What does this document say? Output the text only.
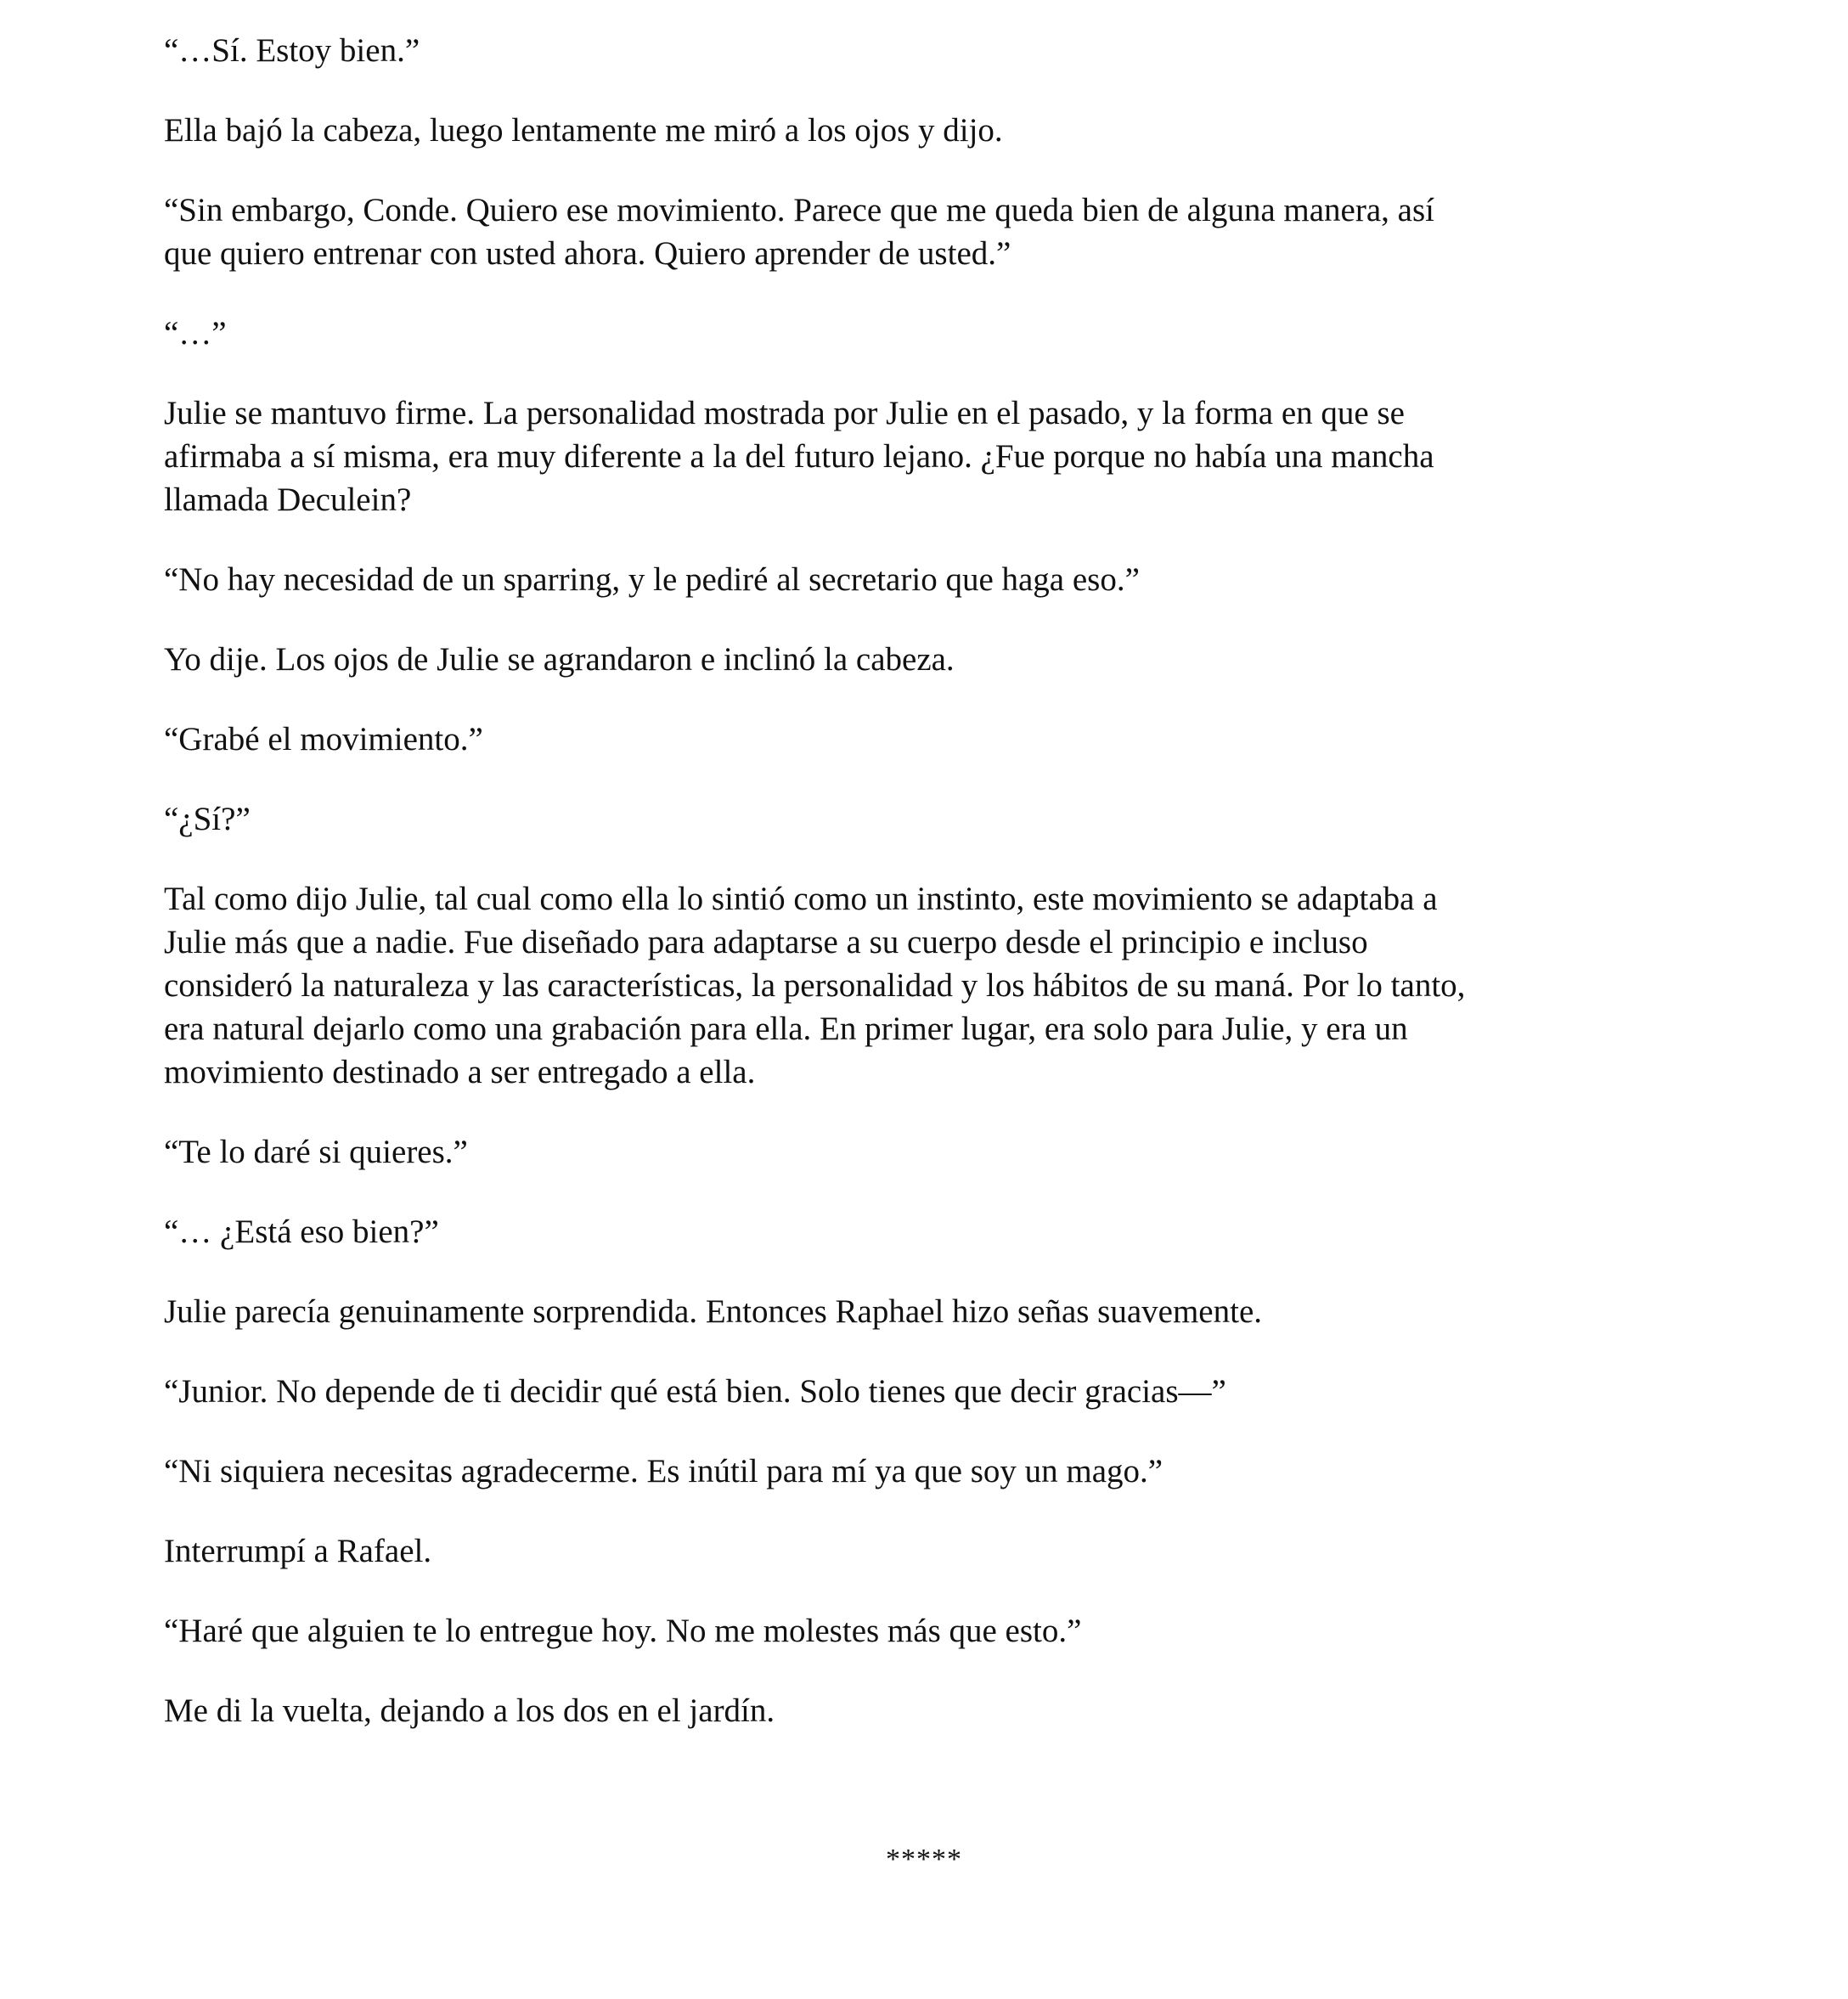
“…Sí. Estoy bien.”

Ella bajó la cabeza, luego lentamente me miró a los ojos y dijo.

“Sin embargo, Conde. Quiero ese movimiento. Parece que me queda bien de alguna manera, así
que quiero entrenar con usted ahora. Quiero aprender de usted.”

“…”

Julie se mantuvo firme. La personalidad mostrada por Julie en el pasado, y la forma en que se
afirmaba a sí misma, era muy diferente a la del futuro lejano. ¿Fue porque no había una mancha
llamada Deculein?

“No hay necesidad de un sparring, y le pediré al secretario que haga eso.”

Yo dije. Los ojos de Julie se agrandaron e inclinó la cabeza.

“Grabé el movimiento.”

“¿Sí?”

Tal como dijo Julie, tal cual como ella lo sintió como un instinto, este movimiento se adaptaba a
Julie más que a nadie. Fue diseñado para adaptarse a su cuerpo desde el principio e incluso
consideró la naturaleza y las características, la personalidad y los hábitos de su maná. Por lo tanto,
era natural dejarlo como una grabación para ella. En primer lugar, era solo para Julie, y era un
movimiento destinado a ser entregado a ella.

“Te lo daré si quieres.”

“… ¿Está eso bien?”

Julie parecía genuinamente sorprendida. Entonces Raphael hizo señas suavemente.

“Junior. No depende de ti decidir qué está bien. Solo tienes que decir gracias—”

“Ni siquiera necesitas agradecerme. Es inútil para mí ya que soy un mago.”

Interrumpí a Rafael.

“Haré que alguien te lo entregue hoy. No me molestes más que esto.”

Me di la vuelta, dejando a los dos en el jardín.

*****
